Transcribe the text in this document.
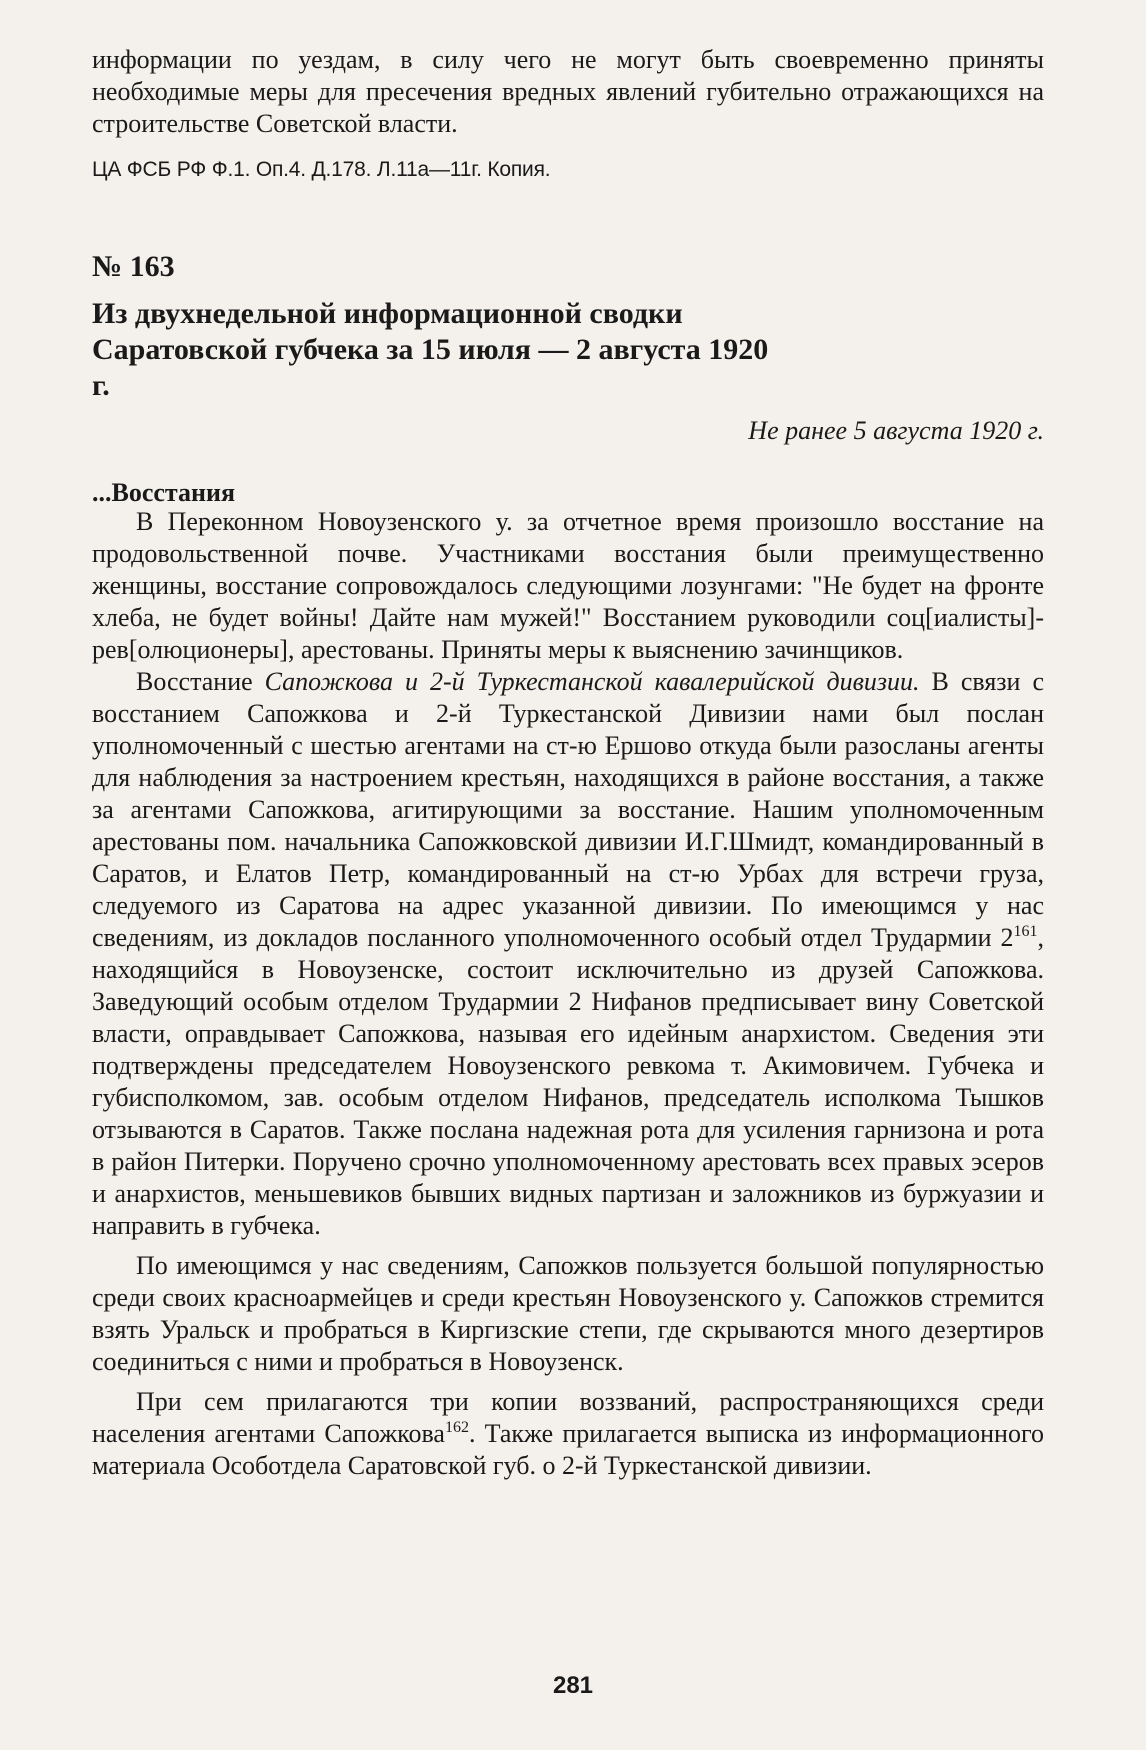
информации по уездам, в силу чего не могут быть своевременно приняты необходимые меры для пресечения вредных явлений губительно отражающихся на строительстве Советской власти.

ЦА ФСБ РФ Ф.1. Оп.4. Д.178. Л.11а—11г. Копия.
№ 163
Из двухнедельной информационной сводки Саратовской губчека за 15 июля — 2 августа 1920 г.
Не ранее 5 августа 1920 г.
...Восстания

В Переконном Новоузенского у. за отчетное время произошло восстание на продовольственной почве. Участниками восстания были преимущественно женщины, восстание сопровождалось следующими лозунгами: "Не будет на фронте хлеба, не будет войны! Дайте нам мужей!" Восстанием руководили соц[иалисты]-рев[олюционеры], арестованы. Приняты меры к выяснению зачинщиков.

Восстание Сапожкова и 2-й Туркестанской кавалерийской дивизии. В связи с восстанием Сапожкова и 2-й Туркестанской Дивизии нами был послан уполномоченный с шестью агентами на ст-ю Ершово откуда были разосланы агенты для наблюдения за настроением крестьян, находящихся в районе восстания, а также за агентами Сапожкова, агитирующими за восстание. Нашим уполномоченным арестованы пом. начальника Сапожковской дивизии И.Г.Шмидт, командированный в Саратов, и Елатов Петр, командированный на ст-ю Урбах для встречи груза, следуемого из Саратова на адрес указанной дивизии. По имеющимся у нас сведениям, из докладов посланного уполномоченного особый отдел Трудармии $2^{161}$, находящийся в Новоузенске, состоит исключительно из друзей Сапожкова. Заведующий особым отделом Трудармии 2 Нифанов предписывает вину Советской власти, оправдывает Сапожкова, называя его идейным анархистом. Сведения эти подтверждены председателем Новоузенского ревкома т. Акимовичем. Губчека и губисполкомом, зав. особым отделом Нифанов, председатель исполкома Тышков отзываются в Саратов. Также послана надежная рота для усиления гарнизона и рота в район Питерки. Поручено срочно уполномоченному арестовать всех правых эсеров и анархистов, меньшевиков бывших видных партизан и заложников из буржуазии и направить в губчека.

По имеющимся у нас сведениям, Сапожков пользуется большой популярностью среди своих красноармейцев и среди крестьян Новоузенского у. Сапожков стремится взять Уральск и пробраться в Киргизские степи, где скрываются много дезертиров соединиться с ними и пробраться в Новоузенск.

При сем прилагаются три копии воззваний, распространяющихся среди населения агентами Сапожкова$^{162}$. Также прилагается выписка из информационного материала Особотдела Саратовской губ. о 2-й Туркестанской дивизии.

281
